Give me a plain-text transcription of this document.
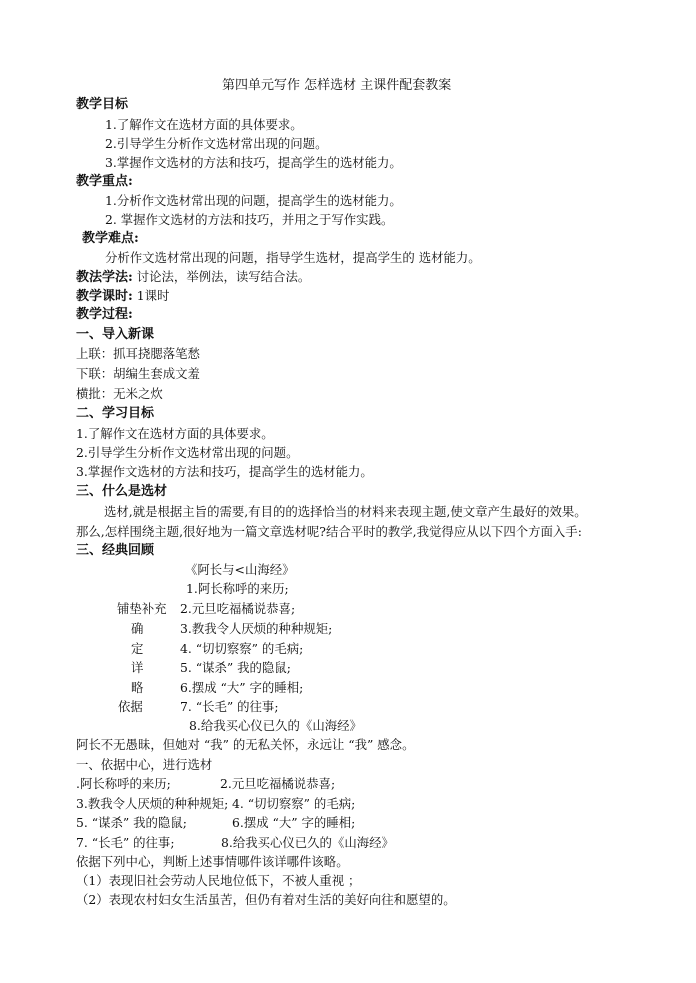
第四单元写作 怎样选材 主课件配套教案
教学目标
1.了解作文在选材方面的具体要求。
2.引导学生分析作文选材常出现的问题。
3.掌握作文选材的方法和技巧，提高学生的选材能力。
教学重点:
1.分析作文选材常出现的问题，提高学生的选材能力。
2. 掌握作文选材的方法和技巧，并用之于写作实践。
教学难点:
分析作文选材常出现的问题，指导学生选材，提高学生的 选材能力。
教法学法: 讨论法，举例法，读写结合法。
教学课时: 1课时
教学过程:
一、导入新课
上联：抓耳挠腮落笔愁
下联：胡编生套成文羞
横批：无米之炊
二、学习目标
1.了解作文在选材方面的具体要求。
2.引导学生分析作文选材常出现的问题。
3.掌握作文选材的方法和技巧，提高学生的选材能力。
三、什么是选材
选材,就是根据主旨的需要,有目的的选择恰当的材料来表现主题,使文章产生最好的效果。
那么,怎样围绕主题,很好地为一篇文章选材呢?结合平时的教学,我觉得应从以下四个方面入手:
三、经典回顾
《阿长与<山海经》
1.阿长称呼的来历;
铺垫补充 2.元旦吃福橘说恭喜;
确	3.教我令人厌烦的种种规矩;
定	4. “切切察察” 的毛病;
详	5. “谋杀” 我的隐鼠;
略	6.摆成 “大” 字的睡相;
依据	7. “长毛” 的往事;
8.给我买心仪已久的《山海经》
阿长不无愚昧，但她对 “我” 的无私关怀，永远让 “我” 感念。
一、依据中心，进行选材
.阿长称呼的来历;	2.元旦吃福橘说恭喜;
3.教我令人厌烦的种种规矩; 4. “切切察察” 的毛病;
5. “谋杀” 我的隐鼠;	6.摆成 “大” 字的睡相;
7. “长毛” 的往事;	8.给我买心仪已久的《山海经》
依据下列中心，判断上述事情哪件该详哪件该略。
（1）表现旧社会劳动人民地位低下，不被人重视 ；
（2）表现农村妇女生活虽苦，但仍有着对生活的美好向往和愿望的。
